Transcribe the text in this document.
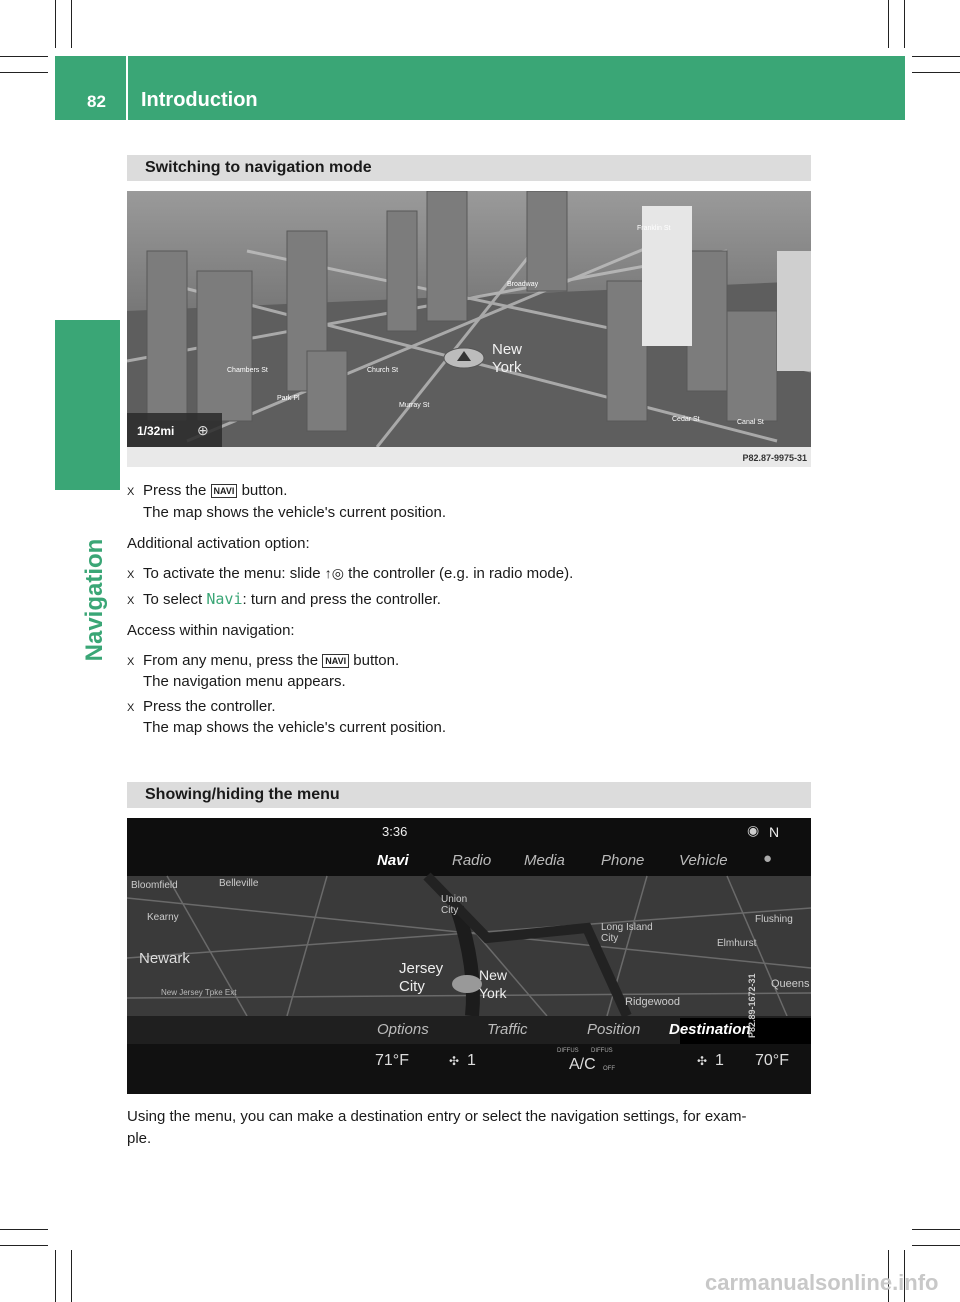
82 Introduction
Navigation
Switching to navigation mode
1/32mi ⊕
New
York
Franklin St
Canal St
Murray St
Park Pl
Church St
Broadway
Chambers St
Cedar St
P82.87-9975-31
X Press the NAVI button.
The map shows the vehicle's current position.
Additional activation option:
X To activate the menu: slide ↑◎ the controller (e.g. in radio mode).
X To select Navi: turn and press the controller.
Access within navigation:
X From any menu, press the NAVI button.
The navigation menu appears.
X Press the controller.
The map shows the vehicle's current position.
Showing/hiding the menu
3:36	◉ N
Navi	Radio Media Phone Vehicle ●
Bloomfield	Belleville
Kearny
Union City
Newark
Jersey City
New York
Long Island City	Elmhurst
Flushing
Ridgewood
Queens
New Jersey Tpke Ext
Options	Traffic	Position Destination
71°F	✣ 1
DIFFUS DIFFUS
A/C OFF
✣ 1 70°F
P82.89-1672-31
Using the menu, you can make a destination entry or select the navigation settings, for exam-
ple.
carmanualsonline.info
